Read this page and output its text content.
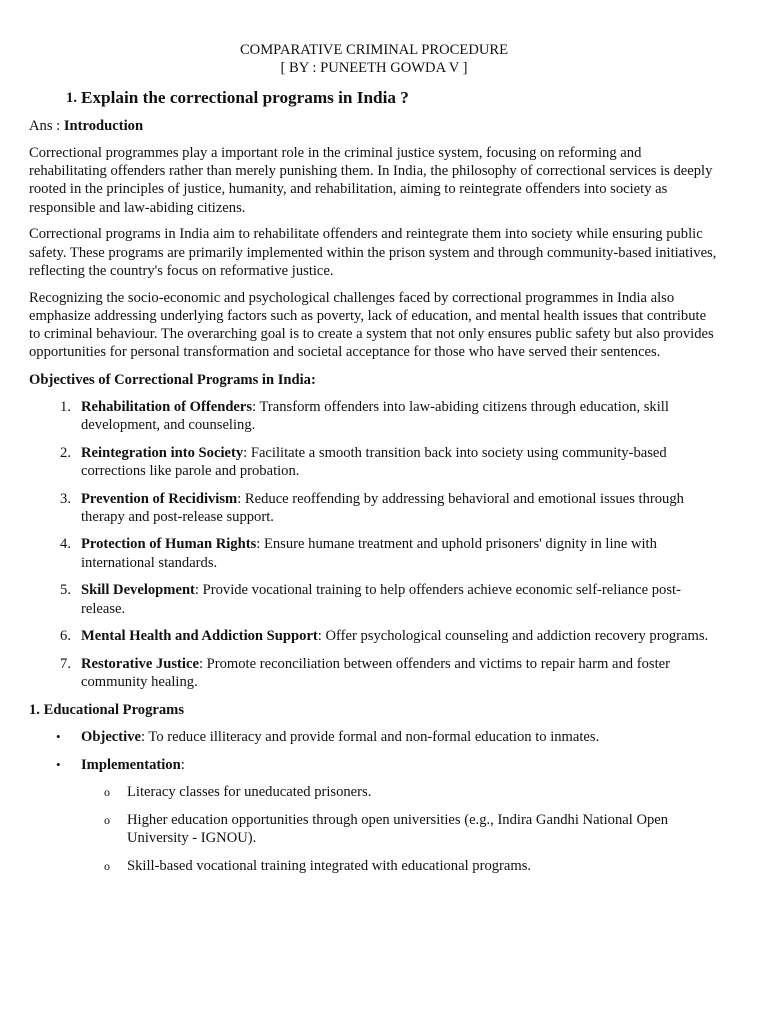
COMPARATIVE CRIMINAL PROCEDURE

[ BY : PUNEETH GOWDA V ]

1. Explain the correctional programs in India ?

Ans : Introduction

Correctional programmes play a important role in the criminal justice system, focusing on reforming and rehabilitating offenders rather than merely punishing them. In India, the philosophy of correctional services is deeply rooted in the principles of justice, humanity, and rehabilitation, aiming to reintegrate offenders into society as responsible and law-abiding citizens.

Correctional programs in India aim to rehabilitate offenders and reintegrate them into society while ensuring public safety. These programs are primarily implemented within the prison system and through community-based initiatives, reflecting the country's focus on reformative justice.

Recognizing the socio-economic and psychological challenges faced by correctional programmes in India also emphasize addressing underlying factors such as poverty, lack of education, and mental health issues that contribute to criminal behaviour. The overarching goal is to create a system that not only ensures public safety but also provides opportunities for personal transformation and societal acceptance for those who have served their sentences.

Objectives of Correctional Programs in India:

1. Rehabilitation of Offenders: Transform offenders into law-abiding citizens through education, skill development, and counseling.
2. Reintegration into Society: Facilitate a smooth transition back into society using community-based corrections like parole and probation.
3. Prevention of Recidivism: Reduce reoffending by addressing behavioral and emotional issues through therapy and post-release support.
4. Protection of Human Rights: Ensure humane treatment and uphold prisoners' dignity in line with international standards.
5. Skill Development: Provide vocational training to help offenders achieve economic self-reliance post-release.
6. Mental Health and Addiction Support: Offer psychological counseling and addiction recovery programs.
7. Restorative Justice: Promote reconciliation between offenders and victims to repair harm and foster community healing.

1. Educational Programs

•	Objective: To reduce illiteracy and provide formal and non-formal education to inmates.
•	Implementation:
o	Literacy classes for uneducated prisoners.
o	Higher education opportunities through open universities (e.g., Indira Gandhi National Open University - IGNOU).
o	Skill-based vocational training integrated with educational programs.
